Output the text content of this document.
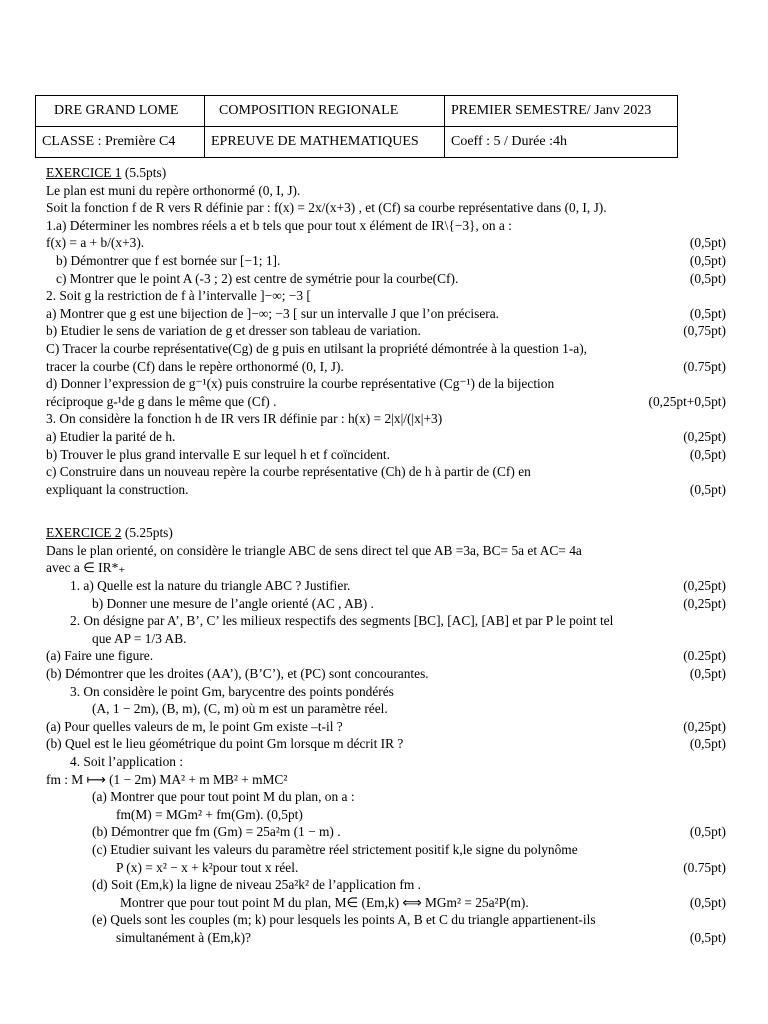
DRE GRAND LOME	COMPOSITION REGIONALE	PREMIER SEMESTRE/ Janv 2023
CLASSE : Première C4	EPREUVE DE MATHEMATIQUES	Coeff : 5 / Durée :4h
EXERCICE 1 (5.5pts)
Le plan est muni du repère orthonormé (0, I, J).
Soit la fonction f de R vers R définie par : f(x) = 2x/(x+3) , et (Cf) sa courbe représentative dans (0, I, J).
1.a) Déterminer les nombres réels a et b tels que pour tout x élément de IR\{−3}, on a :
f(x) = a + b/(x+3).	(0,5pt)
b) Démontrer que f est bornée sur [−1; 1].	(0,5pt)
c) Montrer que le point A (-3 ; 2) est centre de symétrie pour la courbe(Cf).	(0,5pt)
2. Soit g la restriction de f à l’intervalle ]−∞; −3 [
a) Montrer que g est une bijection de ]−∞; −3 [ sur un intervalle J que l’on précisera.	(0,5pt)
b) Etudier le sens de variation de g et dresser son tableau de variation.	(0,75pt)
C) Tracer la courbe représentative(Cg) de g puis en utilsant la propriété démontrée à la question 1-a),
tracer la courbe (Cf) dans le repère orthonormé (0, I, J).	(0.75pt)
d) Donner l’expression de g⁻¹(x) puis construire la courbe représentative (Cg⁻¹) de la bijection
réciproque g-¹de g dans le même que (Cf) .	(0,25pt+0,5pt)
3. On considère la fonction h de IR vers IR définie par : h(x) = 2|x|/(|x|+3)
a) Etudier la parité de h.	(0,25pt)
b) Trouver le plus grand intervalle E sur lequel h et f coïncident.	(0,5pt)
c) Construire dans un nouveau repère la courbe représentative (Ch) de h à partir de (Cf) en
expliquant la construction.	(0,5pt)
EXERCICE 2 (5.25pts)
Dans le plan orienté, on considère le triangle ABC de sens direct tel que AB =3a, BC= 5a et AC= 4a
avec a ∈ IR*₊
1. a) Quelle est la nature du triangle ABC ? Justifier.	(0,25pt)
b) Donner une mesure de l’angle orienté (AC , AB) .	(0,25pt)
2. On désigne par A’, B’, C’ les milieux respectifs des segments [BC], [AC], [AB] et par P le point tel
que AP = 1/3 AB.
(a) Faire une figure.	(0.25pt)
(b) Démontrer que les droites (AA’), (B’C’), et (PC) sont concourantes.	(0,5pt)
3. On considère le point Gm, barycentre des points pondérés
(A, 1 − 2m), (B, m), (C, m) où m est un paramètre réel.
(a) Pour quelles valeurs de m, le point Gm existe –t-il ?	(0,25pt)
(b) Quel est le lieu géométrique du point Gm lorsque m décrit IR ?	(0,5pt)
4. Soit l’application :
fm : M ⟼ (1 − 2m) MA² + m MB² + mMC²
(a) Montrer que pour tout point M du plan, on a :
fm(M) = MGm² + fm(Gm). (0,5pt)
(b) Démontrer que fm (Gm) = 25a²m (1 − m) .	(0,5pt)
(c) Etudier suivant les valeurs du paramètre réel strictement positif k,le signe du polynôme
P (x) = x² − x + k²pour tout x réel.	(0.75pt)
(d) Soit (Em,k) la ligne de niveau 25a²k² de l’application fm .
Montrer que pour tout point M du plan, M∈ (Em,k) ⟺ MGm² = 25a²P(m).	(0,5pt)
(e) Quels sont les couples (m; k) pour lesquels les points A, B et C du triangle appartienent-ils
simultanément à (Em,k)?	(0,5pt)
